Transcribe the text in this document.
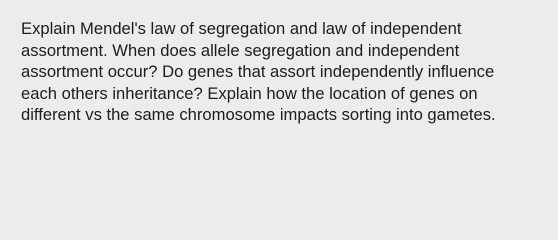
Explain Mendel's law of segregation and law of independent
assortment. When does allele segregation and independent
assortment occur? Do genes that assort independently influence
each others inheritance? Explain how the location of genes on
different vs the same chromosome impacts sorting into gametes.
